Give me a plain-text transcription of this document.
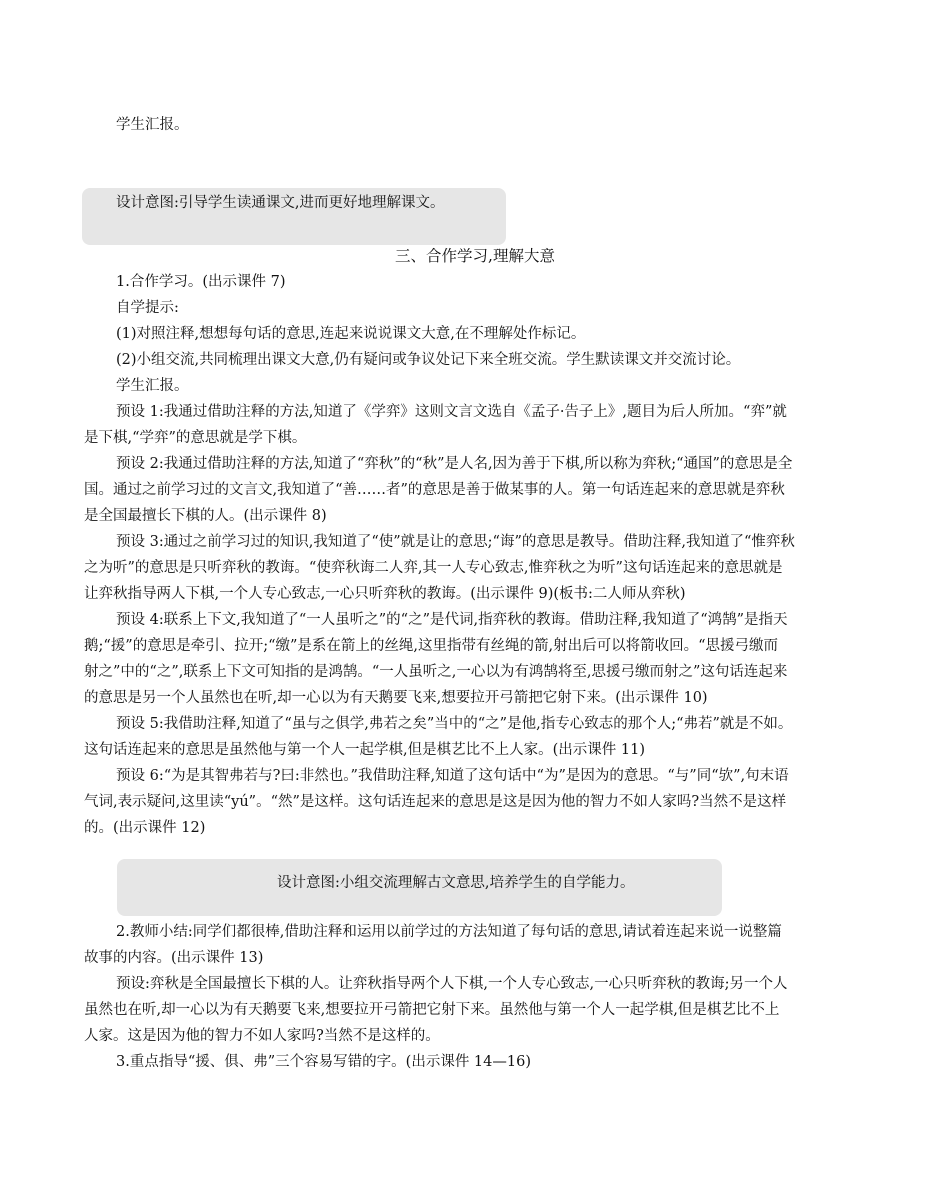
学生汇报。
设计意图:引导学生读通课文,进而更好地理解课文。
三、合作学习,理解大意
1.合作学习。(出示课件 7)
自学提示:
(1)对照注释,想想每句话的意思,连起来说说课文大意,在不理解处作标记。
(2)小组交流,共同梳理出课文大意,仍有疑问或争议处记下来全班交流。学生默读课文并交流讨论。
学生汇报。
预设 1:我通过借助注释的方法,知道了《学弈》这则文言文选自《孟子·告子上》,题目为后人所加。“弈”就
是下棋,“学弈”的意思就是学下棋。
预设 2:我通过借助注释的方法,知道了“弈秋”的“秋”是人名,因为善于下棋,所以称为弈秋;“通国”的意思是全
国。通过之前学习过的文言文,我知道了“善……者”的意思是善于做某事的人。第一句话连起来的意思就是弈秋
是全国最擅长下棋的人。(出示课件 8)
预设 3:通过之前学习过的知识,我知道了“使”就是让的意思;“诲”的意思是教导。借助注释,我知道了“惟弈秋
之为听”的意思是只听弈秋的教诲。“使弈秋诲二人弈,其一人专心致志,惟弈秋之为听”这句话连起来的意思就是
让弈秋指导两人下棋,一个人专心致志,一心只听弈秋的教诲。(出示课件 9)(板书:二人师从弈秋)
预设 4:联系上下文,我知道了“一人虽听之”的“之”是代词,指弈秋的教诲。借助注释,我知道了“鸿鹄”是指天
鹅;“援”的意思是牵引、拉开;“缴”是系在箭上的丝绳,这里指带有丝绳的箭,射出后可以将箭收回。“思援弓缴而
射之”中的“之”,联系上下文可知指的是鸿鹄。“一人虽听之,一心以为有鸿鹄将至,思援弓缴而射之”这句话连起来
的意思是另一个人虽然也在听,却一心以为有天鹅要飞来,想要拉开弓箭把它射下来。(出示课件 10)
预设 5:我借助注释,知道了“虽与之俱学,弗若之矣”当中的“之”是他,指专心致志的那个人;“弗若”就是不如。
这句话连起来的意思是虽然他与第一个人一起学棋,但是棋艺比不上人家。(出示课件 11)
预设 6:“为是其智弗若与?曰:非然也。”我借助注释,知道了这句话中“为”是因为的意思。“与”同“欤”,句末语
气词,表示疑问,这里读“yú”。“然”是这样。这句话连起来的意思是这是因为他的智力不如人家吗?当然不是这样
的。(出示课件 12)
设计意图:小组交流理解古文意思,培养学生的自学能力。
2.教师小结:同学们都很棒,借助注释和运用以前学过的方法知道了每句话的意思,请试着连起来说一说整篇
故事的内容。(出示课件 13)
预设:弈秋是全国最擅长下棋的人。让弈秋指导两个人下棋,一个人专心致志,一心只听弈秋的教诲;另一个人
虽然也在听,却一心以为有天鹅要飞来,想要拉开弓箭把它射下来。虽然他与第一个人一起学棋,但是棋艺比不上
人家。这是因为他的智力不如人家吗?当然不是这样的。
3.重点指导“援、俱、弗”三个容易写错的字。(出示课件 14—16)
